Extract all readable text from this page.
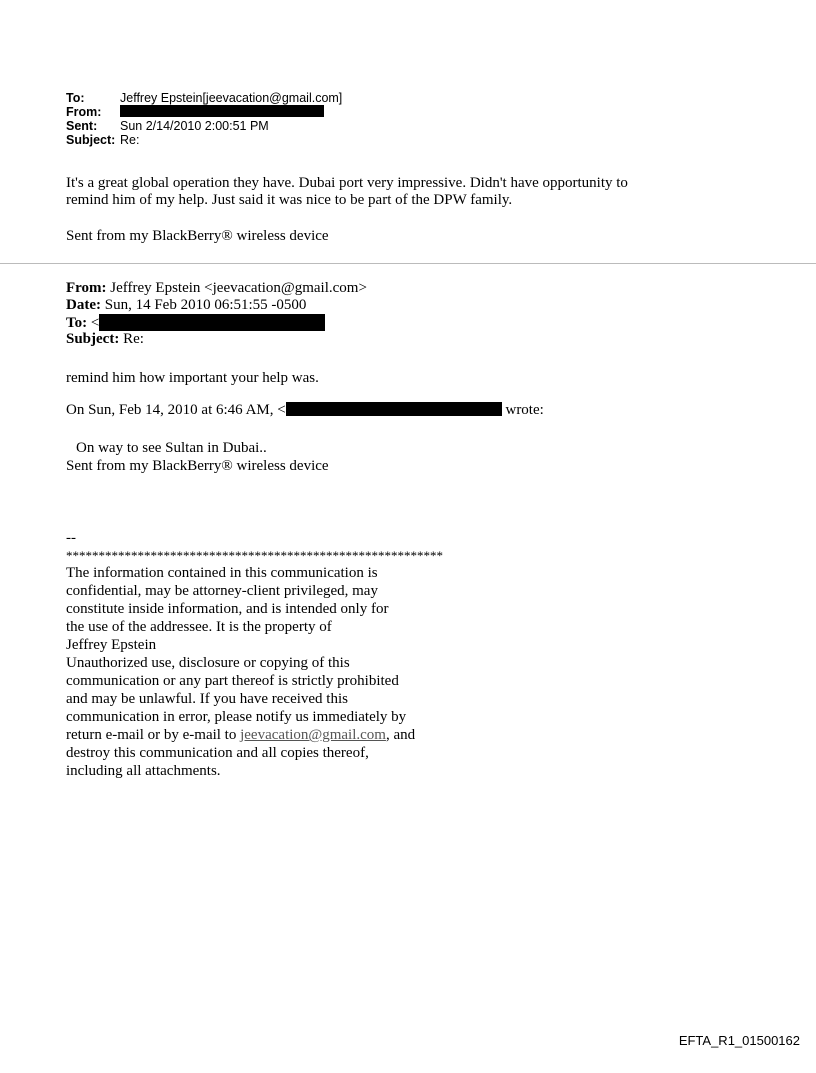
To:	Jeffrey Epstein[jeevacation@gmail.com]
From:
Sent: Sun 2/14/2010 2:00:51 PM
Subject: Re:
It's a great global operation they have. Dubai port very impressive. Didn't have opportunity to
remind him of my help. Just said it was nice to be part of the DPW family.
Sent from my BlackBerry® wireless device
From: Jeffrey Epstein <jeevacation@gmail.com>
Date: Sun, 14 Feb 2010 06:51:55 -0500
To: <
Subject: Re:
remind him how important your help was.
On Sun, Feb 14, 2010 at 6:46 AM, <	wrote:
On way to see Sultan in Dubai..
Sent from my BlackBerry® wireless device
--
**********************************************************
The information contained in this communication is
confidential, may be attorney-client privileged, may
constitute inside information, and is intended only for
the use of the addressee. It is the property of
Jeffrey Epstein
Unauthorized use, disclosure or copying of this
communication or any part thereof is strictly prohibited
and may be unlawful. If you have received this
communication in error, please notify us immediately by
return e-mail or by e-mail to jeevacation@gmail.com, and
destroy this communication and all copies thereof,
including all attachments.
EFTA_R1_01500162
